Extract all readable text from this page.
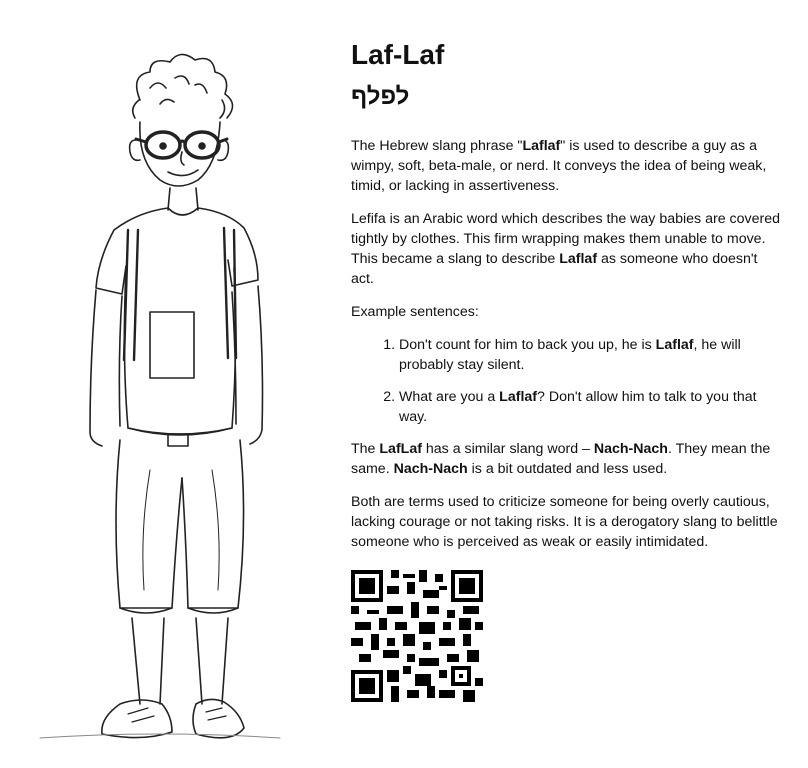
Laf-Laf
לפלף

The Hebrew slang phrase "Laflaf" is used to describe a guy as a wimpy, soft, beta-male, or nerd. It conveys the idea of being weak, timid, or lacking in assertiveness.

Lefifa is an Arabic word which describes the way babies are covered tightly by clothes. This firm wrapping makes them unable to move. This became a slang to describe Laflaf as someone who doesn't act.

Example sentences:

1. Don't count for him to back you up, he is Laflaf, he will probably stay silent.
2. What are you a Laflaf? Don't allow him to talk to you that way.

The LafLaf has a similar slang word – Nach-Nach. They mean the same. Nach-Nach is a bit outdated and less used.

Both are terms used to criticize someone for being overly cautious, lacking courage or not taking risks. It is a derogatory slang to belittle someone who is perceived as weak or easily intimidated.
